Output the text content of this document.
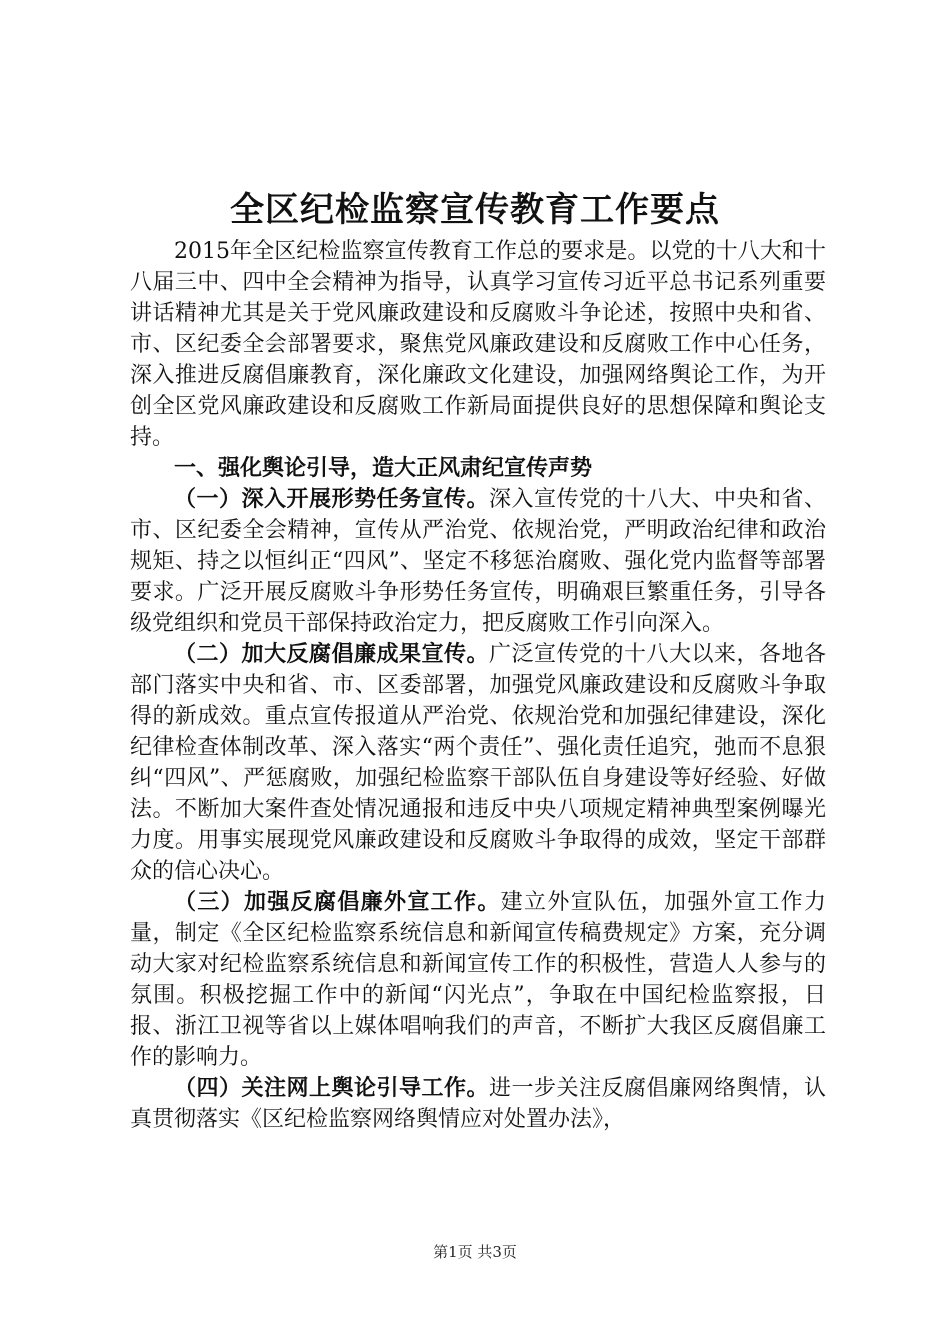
全区纪检监察宣传教育工作要点

2015年全区纪检监察宣传教育工作总的要求是。以党的十八大和十八届三中、四中全会精神为指导，认真学习宣传习近平总书记系列重要讲话精神尤其是关于党风廉政建设和反腐败斗争论述，按照中央和省、市、区纪委全会部署要求，聚焦党风廉政建设和反腐败工作中心任务，深入推进反腐倡廉教育，深化廉政文化建设，加强网络舆论工作，为开创全区党风廉政建设和反腐败工作新局面提供良好的思想保障和舆论支持。

一、强化舆论引导，造大正风肃纪宣传声势

（一）深入开展形势任务宣传。深入宣传党的十八大、中央和省、市、区纪委全会精神，宣传从严治党、依规治党，严明政治纪律和政治规矩、持之以恒纠正“四风”、坚定不移惩治腐败、强化党内监督等部署要求。广泛开展反腐败斗争形势任务宣传，明确艰巨繁重任务，引导各级党组织和党员干部保持政治定力，把反腐败工作引向深入。

（二）加大反腐倡廉成果宣传。广泛宣传党的十八大以来，各地各部门落实中央和省、市、区委部署，加强党风廉政建设和反腐败斗争取得的新成效。重点宣传报道从严治党、依规治党和加强纪律建设，深化纪律检查体制改革、深入落实“两个责任”、强化责任追究，弛而不息狠纠“四风”、严惩腐败，加强纪检监察干部队伍自身建设等好经验、好做法。不断加大案件查处情况通报和违反中央八项规定精神典型案例曝光力度。用事实展现党风廉政建设和反腐败斗争取得的成效，坚定干部群众的信心决心。

（三）加强反腐倡廉外宣工作。建立外宣队伍，加强外宣工作力量，制定《全区纪检监察系统信息和新闻宣传稿费规定》方案，充分调动大家对纪检监察系统信息和新闻宣传工作的积极性，营造人人参与的氛围。积极挖掘工作中的新闻“闪光点”，争取在中国纪检监察报，日报、浙江卫视等省以上媒体唱响我们的声音，不断扩大我区反腐倡廉工作的影响力。

（四）关注网上舆论引导工作。进一步关注反腐倡廉网络舆情，认真贯彻落实《区纪检监察网络舆情应对处置办法》，

第1页 共3页
